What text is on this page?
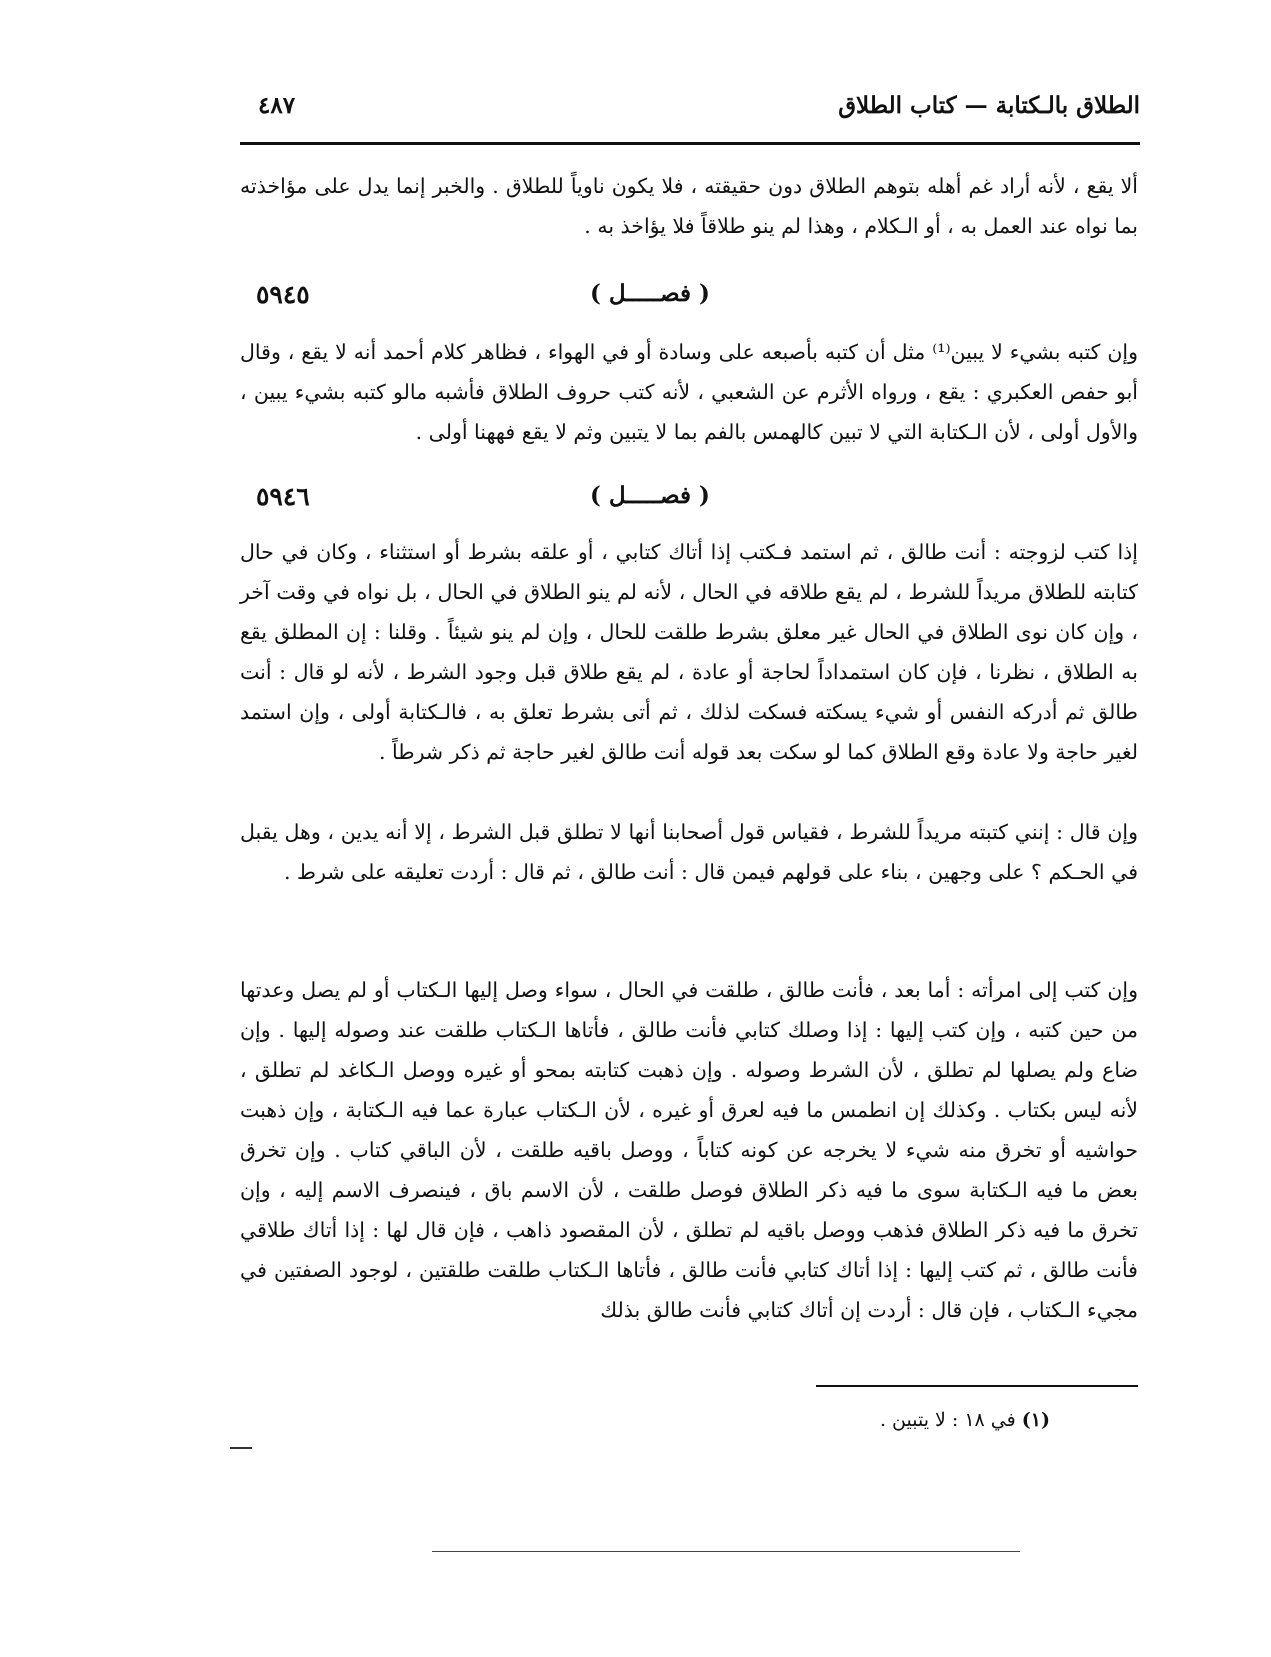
الطلاق بالـكتابة — كتاب الطلاق
٤٨٧

ألا يقع ، لأنه أراد غم أهله بتوهم الطلاق دون حقيقته ، فلا يكون ناوياً للطلاق . والخبر إنما يدل على مؤاخذته بما نواه عند العمل به ، أو الـكلام ، وهذا لم ينو طلاقاً فلا يؤاخذ به .

٥٩٤٥	( فصـــــل )

وإن كتبه بشيء لا يبين⁽¹⁾ مثل أن كتبه بأصبعه على وسادة أو في الهواء ، فظاهر كلام أحمد أنه لا يقع ، وقال أبو حفص العكبري : يقع ، ورواه الأثرم عن الشعبي ، لأنه كتب حروف الطلاق فأشبه مالو كتبه بشيء يبين ، والأول أولى ، لأن الـكتابة التي لا تبين كالهمس بالفم بما لا يتبين وثم لا يقع فههنا أولى .

٥٩٤٦	( فصـــــل )

إذا كتب لزوجته : أنت طالق ، ثم استمد فـكتب إذا أتاك كتابي ، أو علقه بشرط أو استثناء ، وكان في حال كتابته للطلاق مريداً للشرط ، لم يقع طلاقه في الحال ، لأنه لم ينو الطلاق في الحال ، بل نواه في وقت آخر ، وإن كان نوى الطلاق في الحال غير معلق بشرط طلقت للحال ، وإن لم ينو شيئاً . وقلنا : إن المطلق يقع به الطلاق ، نظرنا ، فإن كان استمداداً لحاجة أو عادة ، لم يقع طلاق قبل وجود الشرط ، لأنه لو قال : أنت طالق ثم أدركه النفس أو شيء يسكته فسكت لذلك ، ثم أتى بشرط تعلق به ، فالـكتابة أولى ، وإن استمد لغير حاجة ولا عادة وقع الطلاق كما لو سكت بعد قوله أنت طالق لغير حاجة ثم ذكر شرطاً .

وإن قال : إنني كتبته مريداً للشرط ، فقياس قول أصحابنا أنها لا تطلق قبل الشرط ، إلا أنه يدين ، وهل يقبل في الحـكم ؟ على وجهين ، بناء على قولهم فيمن قال : أنت طالق ، ثم قال : أردت تعليقه على شرط .

وإن كتب إلى امرأته : أما بعد ، فأنت طالق ، طلقت في الحال ، سواء وصل إليها الـكتاب أو لم يصل وعدتها من حين كتبه ، وإن كتب إليها : إذا وصلك كتابي فأنت طالق ، فأتاها الـكتاب طلقت عند وصوله إليها . وإن ضاع ولم يصلها لم تطلق ، لأن الشرط وصوله . وإن ذهبت كتابته بمحو أو غيره ووصل الـكاغد لم تطلق ، لأنه ليس بكتاب . وكذلك إن انطمس ما فيه لعرق أو غيره ، لأن الـكتاب عبارة عما فيه الـكتابة ، وإن ذهبت حواشيه أو تخرق منه شيء لا يخرجه عن كونه كتاباً ، ووصل باقيه طلقت ، لأن الباقي كتاب . وإن تخرق بعض ما فيه الـكتابة سوى ما فيه ذكر الطلاق فوصل طلقت ، لأن الاسم باق ، فينصرف الاسم إليه ، وإن تخرق ما فيه ذكر الطلاق فذهب ووصل باقيه لم تطلق ، لأن المقصود ذاهب ، فإن قال لها : إذا أتاك طلاقي فأنت طالق ، ثم كتب إليها : إذا أتاك كتابي فأنت طالق ، فأتاها الـكتاب طلقت طلقتين ، لوجود الصفتين في مجيء الـكتاب ، فإن قال : أردت إن أتاك كتابي فأنت طالق بذلك

(١) في ١٨ : لا يتبين .
